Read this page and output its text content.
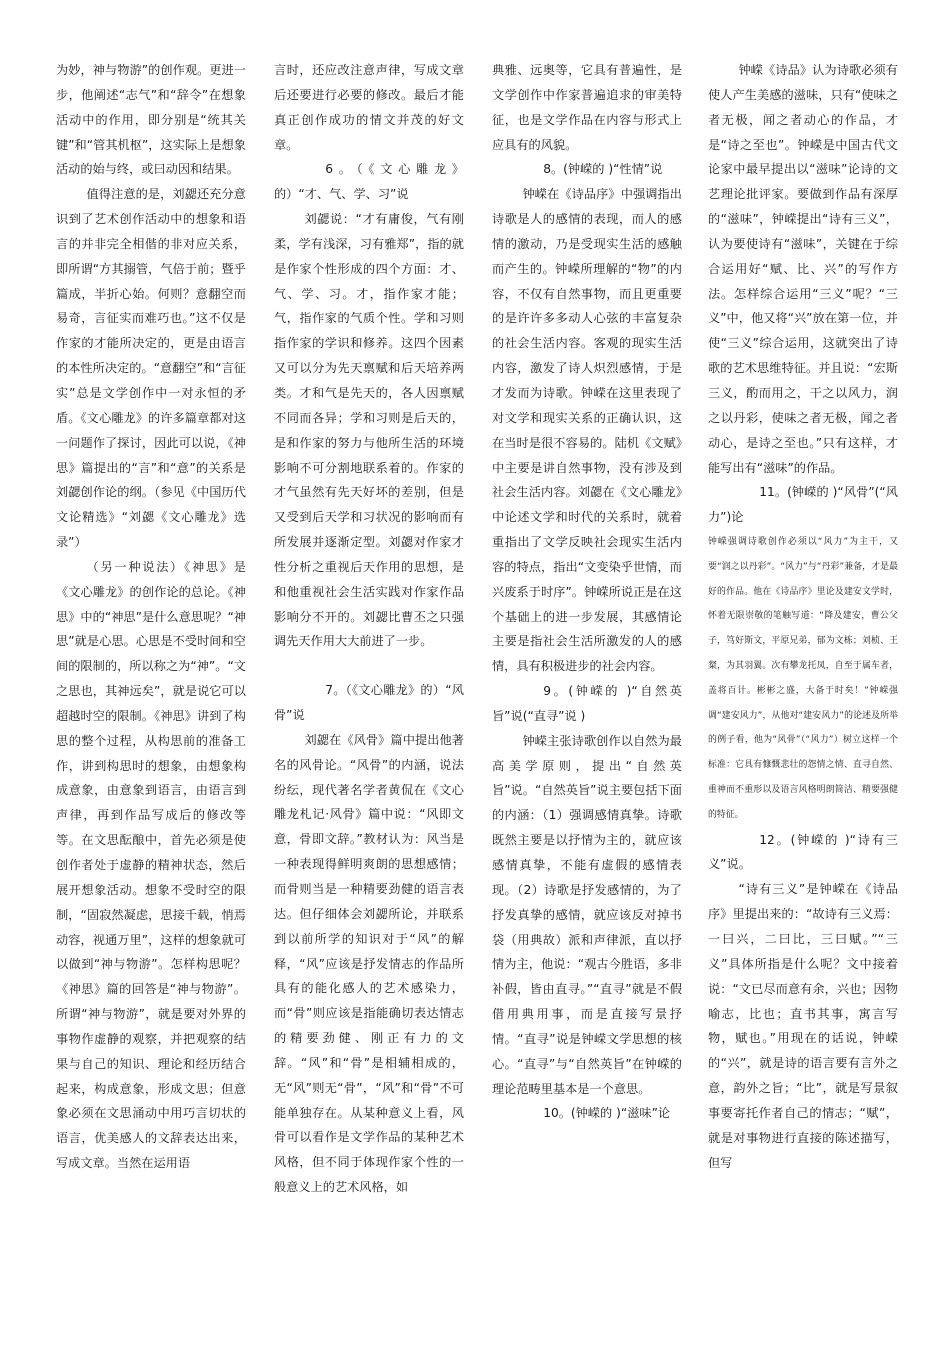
为妙，神与物游”的创作观。更进一步，他阐述“志气”和“辞令”在想象活动中的作用，即分别是“统其关键”和“管其机枢”，这实际上是想象活动的始与终，或曰动因和结果。

值得注意的是，刘勰还充分意识到了艺术创作活动中的想象和语言的并非完全相偕的非对应关系，即所谓“方其搦管，气倍于前；暨乎篇成，半折心始。何则？意翻空而易奇，言征实而难巧也。”这不仅是作家的才能所决定的，更是由语言的本性所决定的。“意翻空”和“言征实”总是文学创作中一对永恒的矛盾。《文心雕龙》的许多篇章都对这一问题作了探讨，因此可以说，《神思》篇提出的“言”和“意”的关系是刘勰创作论的纲。（参见《中国历代文论精选》“刘勰《文心雕龙》选录”）

（另一种说法）《神思》是《文心雕龙》的创作论的总论。《神思》中的“神思”是什么意思呢？“神思”就是心思。心思是不受时间和空间的限制的，所以称之为“神”。“文之思也，其神远矣”，就是说它可以超越时空的限制。《神思》讲到了构思的整个过程，从构思前的准备工作，讲到构思时的想象，由想象构成意象，由意象到语言，由语言到声律，再到作品写成后的修改等等。在文思酝酿中，首先必须是使创作者处于虚静的精神状态，然后展开想象活动。想象不受时空的限制，“固寂然凝虑，思接千载，悄焉动容，视通万里”，这样的想象就可以做到“神与物游”。怎样构思呢？《神思》篇的回答是“神与物游”。所谓“神与物游”，就是要对外界的事物作虚静的观察，并把观察的结果与自己的知识、理论和经历结合起来，构成意象，形成文思；但意象必须在文思涌动中用巧言切状的语言，优美感人的文辞表达出来，写成文章。当然在运用语

言时，还应改注意声律，写成文章后还要进行必要的修改。最后才能真正创作成功的情文并茂的好文章。

6。（《文心雕龙》的）“才、气、学、习”说

刘勰说：“才有庸俊，气有刚柔，学有浅深，习有雅郑”，指的就是作家个性形成的四个方面：才、气、学、习。才，指作家才能；气，指作家的气质个性。学和习则指作家的学识和修养。这四个因素又可以分为先天禀赋和后天培养两类。才和气是先天的，各人因禀赋不同而各异；学和习则是后天的，是和作家的努力与他所生活的环境影响不可分割地联系着的。作家的才气虽然有先天好坏的差别，但是又受到后天学和习状况的影响而有所发展并逐渐定型。刘勰对作家才性分析之重视后天作用的思想，是和他重视社会生活实践对作家作品影响分不开的。刘勰比曹丕之只强调先天作用大大前进了一步。

7。（《文心雕龙》的）“风骨”说

刘勰在《风骨》篇中提出他著名的风骨论。“风骨”的内涵，说法纷纭，现代著名学者黄侃在《文心雕龙札记·风骨》篇中说：“风即文意，骨即文辞。”教材认为：风当是一种表现得鲜明爽朗的思想感情；而骨则当是一种精要劲健的语言表达。但仔细体会刘勰所论，并联系到以前所学的知识对于“风”的解释，“风”应该是抒发情志的作品所具有的能化感人的艺术感染力，而“骨”则应该是指能确切表达情志的精要劲健、刚正有力的文辞。“风”和“骨”是相辅相成的，无“风”则无“骨”，“风”和“骨”不可能单独存在。从某种意义上看，风骨可以看作是文学作品的某种艺术风格，但不同于体现作家个性的一般意义上的艺术风格，如

典雅、远奥等，它具有普遍性，是文学创作中作家普遍追求的审美特征，也是文学作品在内容与形式上应具有的风貌。

8。(钟嵘的 )“性情”说

钟嵘在《诗品序》中强调指出诗歌是人的感情的表现，而人的感情的激动，乃是受现实生活的感触而产生的。钟嵘所理解的“物”的内容，不仅有自然事物，而且更重要的是许许多多动人心弦的丰富复杂的社会生活内容。客观的现实生活内容，激发了诗人炽烈感情，于是才发而为诗歌。钟嵘在这里表现了对文学和现实关系的正确认识，这在当时是很不容易的。陆机《文赋》中主要是讲自然事物，没有涉及到社会生活内容。刘勰在《文心雕龙》中论述文学和时代的关系时，就着重指出了文学反映社会现实生活内容的特点，指出“文变染乎世情，而兴废系于时序”。钟嵘所说正是在这个基础上的进一步发展，其感情论主要是指社会生活所激发的人的感情，具有积极进步的社会内容。

9。(钟嵘的 )“自然英旨”说(“直寻”说 )

钟嵘主张诗歌创作以自然为最高美学原则，提出“自然英旨”说。“自然英旨”说主要包括下面的内涵：（1）强调感情真挚。诗歌既然主要是以抒情为主的，就应该感情真挚，不能有虚假的感情表现。（2）诗歌是抒发感情的，为了抒发真挚的感情，就应该反对掉书袋（用典故）派和声律派，直以抒情为主，他说：“观古今胜语，多非补假，皆由直寻。”“直寻”就是不假借用典用事，而是直接写景抒情。“直寻”说是钟嵘文学思想的核心。“直寻”与“自然英旨”在钟嵘的理论范畴里基本是一个意思。

10。(钟嵘的 )“滋味”论

钟嵘《诗品》认为诗歌必须有使人产生美感的滋味，只有“使味之者无极，闻之者动心的作品，才是“诗之至也”。钟嵘是中国古代文论家中最早提出以“滋味”论诗的文艺理论批评家。要做到作品有深厚的“滋味”，钟嵘提出“诗有三义”，认为要使诗有“滋味”，关键在于综合运用好“赋、比、兴”的写作方法。怎样综合运用“三义”呢？“三义”中，他又将“兴”放在第一位，并使“三义”综合运用，这就突出了诗歌的艺术思维特征。并且说：“宏斯三义，酌而用之，干之以风力，润之以丹彩，使味之者无极，闻之者动心，是诗之至也。”只有这样，才能写出有“滋味”的作品。

11。(钟嵘的 )“风骨”(“风力”)论

钟嵘强调诗歌创作必须以“风力”为主干，又要“润之以丹彩”。“风力”与“丹彩”兼备，才是最好的作品。他在《诗品序》里论及建安文学时，怀着无限崇敬的笔触写道：“降及建安，曹公父子，笃好斯文，平原兄弟，郁为文栋；刘桢、王粲，为其羽翼。次有攀龙托凤，自至于属车者，盖将百计。彬彬之盛，大备于时矣！”钟嵘强调“建安风力”，从他对“建安风力”的论述及所举的例子看，他为“风骨”（“风力”）树立这样一个标准：它具有慷慨悲壮的怨情之情、直寻自然、重神而不重形以及语言风格明朗简洁、精要强健的特征。

12。(钟嵘的 )“诗有三义”说。

“诗有三义”是钟嵘在《诗品序》里提出来的：“故诗有三义焉：一曰兴，二曰比，三曰赋。”“三义”具体所指是什么呢？文中接着说：“文已尽而意有余，兴也；因物喻志，比也；直书其事，寓言写物，赋也。”用现在的话说，钟嵘的“兴”，就是诗的语言要有言外之意，韵外之旨；“比”，就是写景叙事要寄托作者自己的情志；“赋”，就是对事物进行直接的陈述描写，但写
